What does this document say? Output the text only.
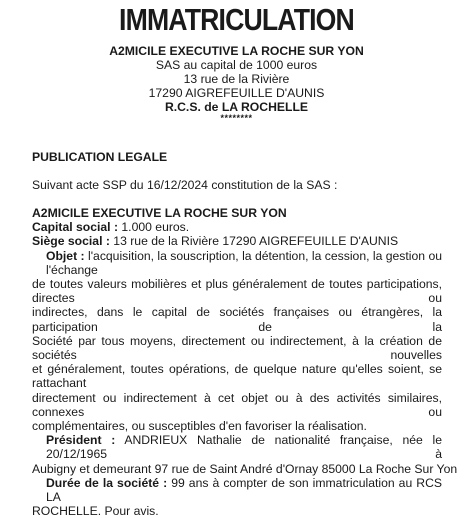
IMMATRICULATION
A2MICILE EXECUTIVE LA ROCHE SUR YON
SAS au capital de 1000 euros
13 rue de la Rivière
17290 AIGREFEUILLE D'AUNIS
R.C.S. de LA ROCHELLE
********
PUBLICATION LEGALE
Suivant acte SSP du 16/12/2024 constitution de la SAS :
A2MICILE EXECUTIVE LA ROCHE SUR YON
Capital social : 1.000 euros.
Siège social : 13 rue de la Rivière 17290 AIGREFEUILLE D'AUNIS
Objet : l'acquisition, la souscription, la détention, la cession, la gestion ou l'échange
de toutes valeurs mobilières et plus généralement de toutes participations, directes ou
indirectes, dans le capital de sociétés françaises ou étrangères, la participation de la
Société par tous moyens, directement ou indirectement, à la création de sociétés nouvelles
et généralement, toutes opérations, de quelque nature qu'elles soient, se rattachant
directement ou indirectement à cet objet ou à des activités similaires, connexes ou
complémentaires, ou susceptibles d'en favoriser la réalisation.
Président : ANDRIEUX Nathalie de nationalité française, née le 20/12/1965 à
Aubigny et demeurant 97 rue de Saint André d'Ornay 85000 La Roche Sur Yon
Durée de la société : 99 ans à compter de son immatriculation au RCS LA
ROCHELLE. Pour avis.
